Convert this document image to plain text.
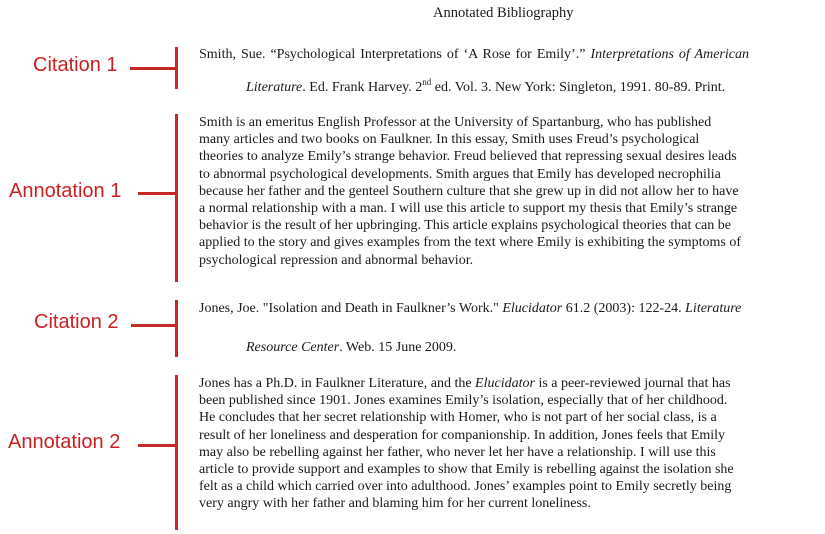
Annotated Bibliography
Citation 1
Annotation 1
Citation 2
Annotation 2
Smith, Sue. “Psychological Interpretations of ‘A Rose for Emily’.” Interpretations of American
Literature. Ed. Frank Harvey. 2nd ed. Vol. 3. New York: Singleton, 1991. 80-89. Print.

Smith is an emeritus English Professor at the University of Spartanburg, who has published

many articles and two books on Faulkner. In this essay, Smith uses Freud’s psychological

theories to analyze Emily’s strange behavior. Freud believed that repressing sexual desires leads

to abnormal psychological developments. Smith argues that Emily has developed necrophilia

because her father and the genteel Southern culture that she grew up in did not allow her to have

a normal relationship with a man. I will use this article to support my thesis that Emily’s strange

behavior is the result of her upbringing. This article explains psychological theories that can be

applied to the story and gives examples from the text where Emily is exhibiting the symptoms of

psychological repression and abnormal behavior.

Jones, Joe. "Isolation and Death in Faulkner’s Work." Elucidator 61.2 (2003): 122-24. Literature
Resource Center. Web. 15 June 2009.

Jones has a Ph.D. in Faulkner Literature, and the Elucidator is a peer-reviewed journal that has

been published since 1901. Jones examines Emily’s isolation, especially that of her childhood.

He concludes that her secret relationship with Homer, who is not part of her social class, is a

result of her loneliness and desperation for companionship. In addition, Jones feels that Emily

may also be rebelling against her father, who never let her have a relationship. I will use this

article to provide support and examples to show that Emily is rebelling against the isolation she

felt as a child which carried over into adulthood. Jones’ examples point to Emily secretly being

very angry with her father and blaming him for her current loneliness.
